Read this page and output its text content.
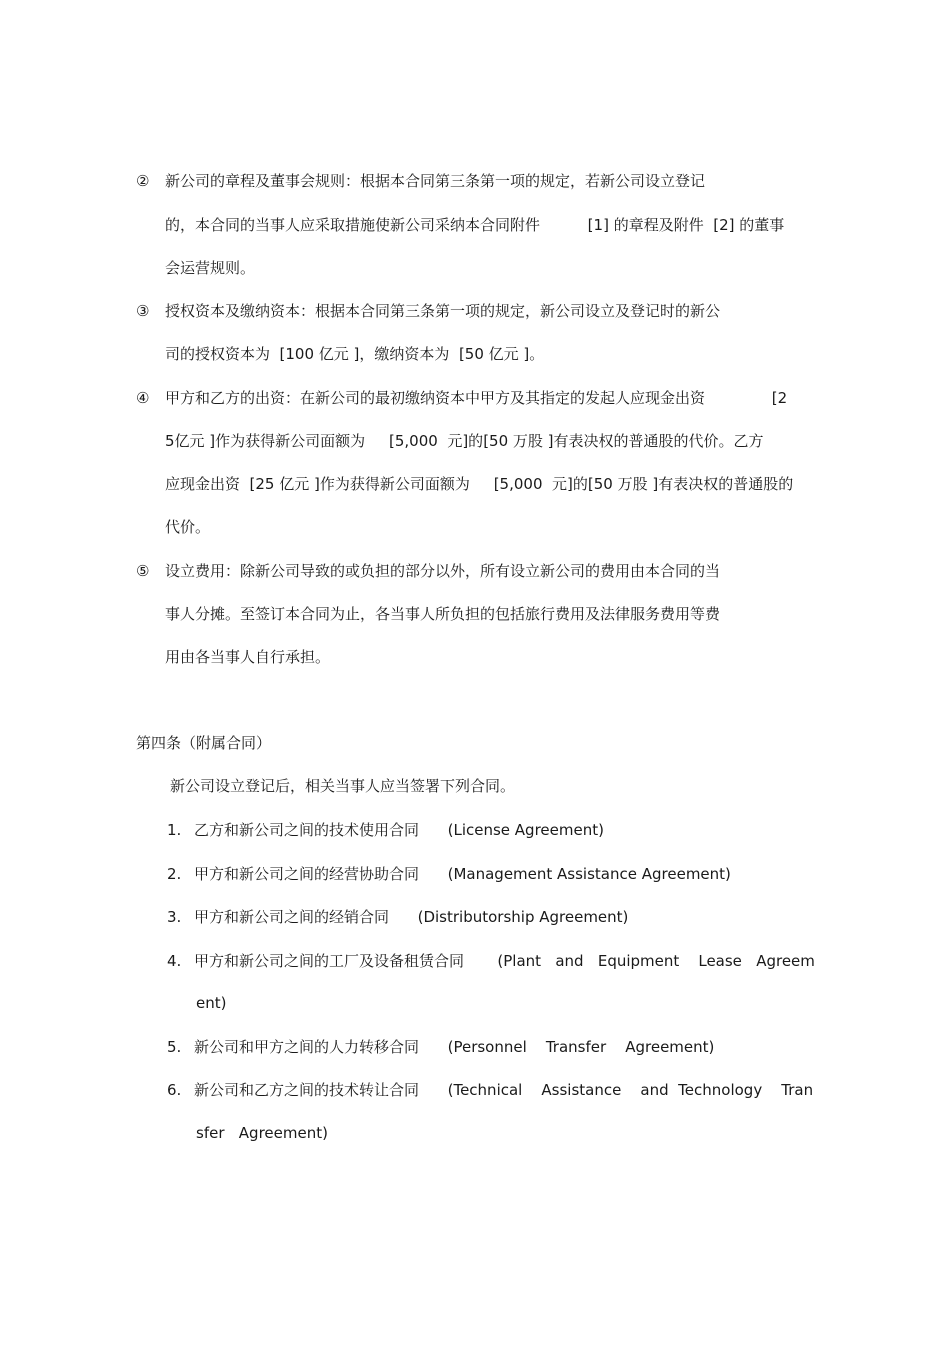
② 新公司的章程及董事会规则：根据本合同第三条第一项的规定，若新公司设立登记
的，本合同的当事人应采取措施使新公司采纳本合同附件          [1] 的章程及附件  [2] 的董事
会运营规则。
③ 授权资本及缴纳资本：根据本合同第三条第一项的规定，新公司设立及登记时的新公
司的授权资本为  [100 亿元 ]，缴纳资本为  [50 亿元 ]。
④ 甲方和乙方的出资：在新公司的最初缴纳资本中甲方及其指定的发起人应现金出资              [2
5亿元 ]作为获得新公司面额为     [5,000  元]的[50 万股 ]有表决权的普通股的代价。乙方
应现金出资  [25 亿元 ]作为获得新公司面额为     [5,000  元]的[50 万股 ]有表决权的普通股的
代价。
⑤ 设立费用：除新公司导致的或负担的部分以外，所有设立新公司的费用由本合同的当
事人分摊。至签订本合同为止，各当事人所负担的包括旅行费用及法律服务费用等费
用由各当事人自行承担。
第四条（附属合同）
新公司设立登记后，相关当事人应当签署下列合同。
1. 乙方和新公司之间的技术使用合同      (License Agreement)
2. 甲方和新公司之间的经营协助合同      (Management Assistance Agreement)
3. 甲方和新公司之间的经销合同      (Distributorship Agreement)
4. 甲方和新公司之间的工厂及设备租赁合同       (Plant   and   Equipment    Lease   Agreem
ent)
5. 新公司和甲方之间的人力转移合同      (Personnel    Transfer    Agreement)
6. 新公司和乙方之间的技术转让合同      (Technical    Assistance    and  Technology    Tran
sfer   Agreement)
